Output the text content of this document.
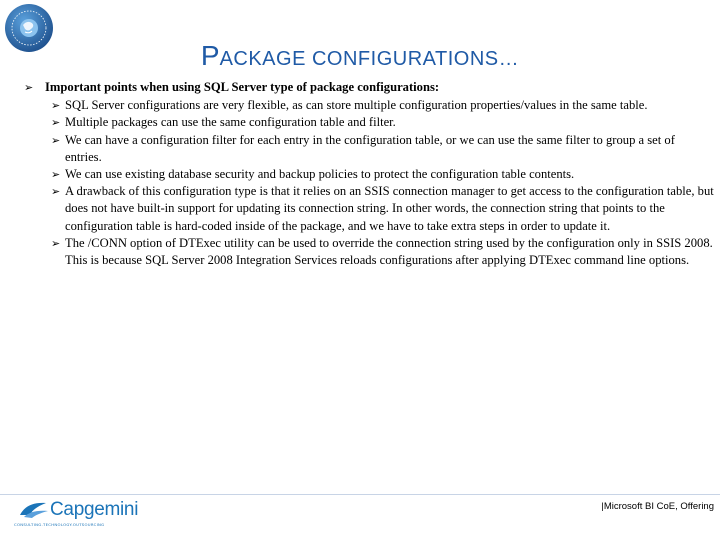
PACKAGE CONFIGURATIONS…
➢ Important points when using SQL Server type of package configurations:
➢ SQL Server configurations are very flexible, as can store multiple configuration properties/values in the same table.
➢ Multiple packages can use the same configuration table and filter.
➢ We can have a configuration filter for each entry in the configuration table, or we can use the same filter to group a set of entries.
➢ We can use existing database security and backup policies to protect the configuration table contents.
➢ A drawback of this configuration type is that it relies on an SSIS connection manager to get access to the configuration table, but does not have built-in support for updating its connection string. In other words, the connection string that points to the configuration table is hard-coded inside of the package, and we have to take extra steps in order to update it.
➢ The /CONN option of DTExec utility can be used to override the connection string used by the configuration only in SSIS 2008. This is because SQL Server 2008 Integration Services reloads configurations after applying DTExec command line options.
Capgemini
CONSULTING.TECHNOLOGY.OUTSOURCING
|Microsoft BI CoE, Offering
